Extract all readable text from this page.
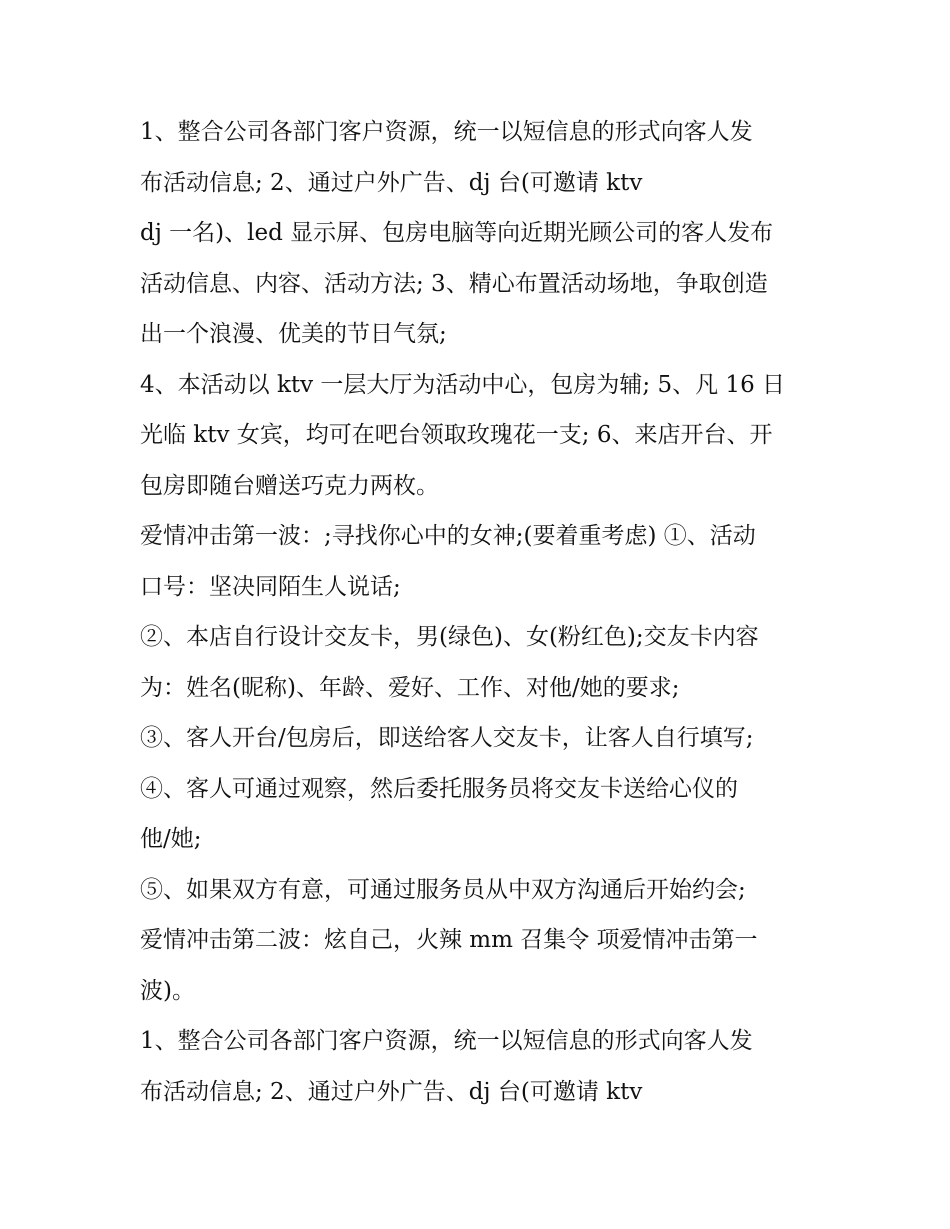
1、整合公司各部门客户资源，统一以短信息的形式向客人发
布活动信息; 2、通过户外广告、dj 台(可邀请 ktv
dj 一名)、led 显示屏、包房电脑等向近期光顾公司的客人发布
活动信息、内容、活动方法; 3、精心布置活动场地，争取创造
出一个浪漫、优美的节日气氛;
4、本活动以 ktv 一层大厅为活动中心，包房为辅; 5、凡 16 日
光临 ktv 女宾，均可在吧台领取玫瑰花一支; 6、来店开台、开
包房即随台赠送巧克力两枚。
爱情冲击第一波：;寻找你心中的女神;(要着重考虑) ①、活动
口号：坚决同陌生人说话;
②、本店自行设计交友卡，男(绿色)、女(粉红色);交友卡内容
为：姓名(昵称)、年龄、爱好、工作、对他/她的要求;
③、客人开台/包房后，即送给客人交友卡，让客人自行填写;
④、客人可通过观察，然后委托服务员将交友卡送给心仪的
他/她;
⑤、如果双方有意，可通过服务员从中双方沟通后开始约会;
爱情冲击第二波：炫自己，火辣 mm 召集令 项爱情冲击第一
波)。
1、整合公司各部门客户资源，统一以短信息的形式向客人发
布活动信息; 2、通过户外广告、dj 台(可邀请 ktv
